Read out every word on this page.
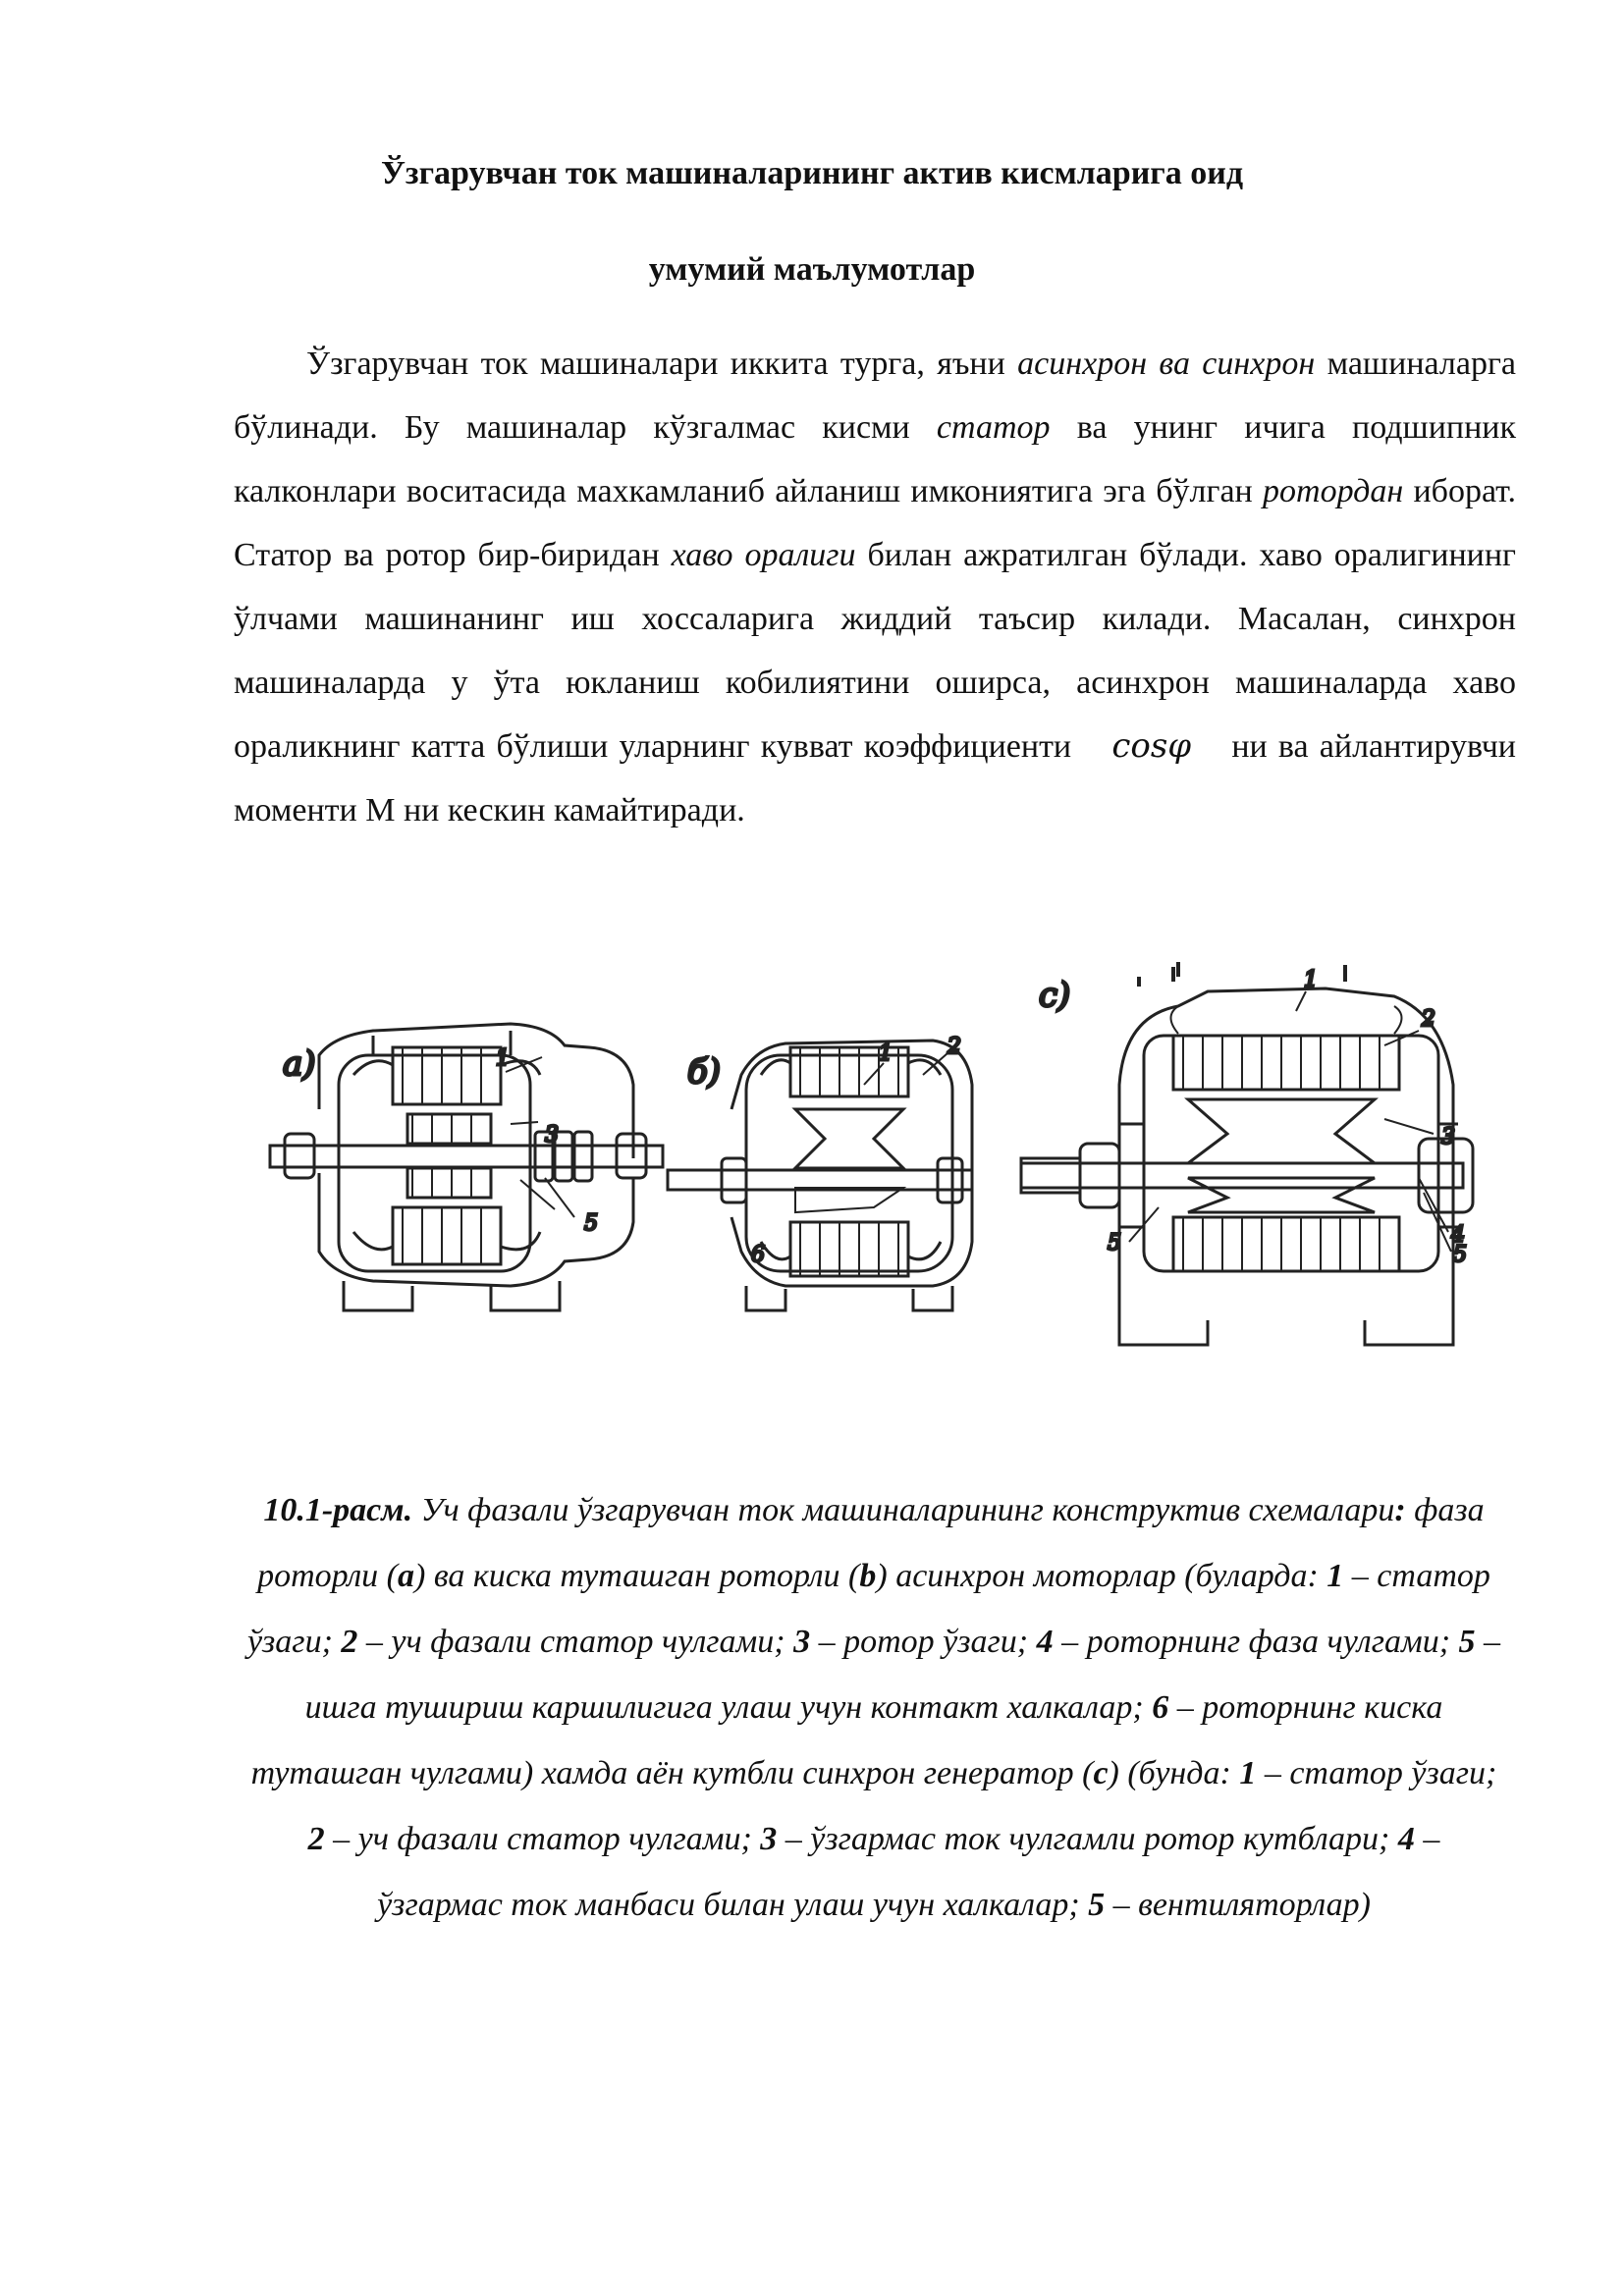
Ўзгарувчан ток машиналарининг актив кисмларига оид
умумий маълумотлар

Ўзгарувчан ток машиналари иккита турга, яъни асинхрон ва синхрон машиналарга бўлинади. Бу машиналар кўзгалмас кисми статор ва унинг ичига подшипник калконлари воситасида махкамланиб айланиш имкониятига эга бўлган ротордан иборат. Статор ва ротор бир-биридан хаво оралиги билан ажратилган бўлади. хаво оралигининг ўлчами машинанинг иш хоссаларига жиддий таъсир килади. Масалан, синхрон машиналарда у ўта юкланиш кобилиятини оширса, асинхрон машиналарда хаво ораликнинг катта бўлиши уларнинг кувват коэффициенти cosφ ни ва айлантирувчи моменти М ни кескин камайтиради.

а)	1
3
5
б)	1	2
6
с)	1
2
3
4
5
5
10.1-расм. Уч фазали ўзгарувчан ток машиналарининг конструктив схемалари: фаза роторли (a) ва киска туташган роторли (b) асинхрон моторлар (буларда: 1 – статор ўзаги; 2 – уч фазали статор чулгами; 3 – ротор ўзаги; 4 – роторнинг фаза чулгами; 5 – ишга тушириш каршилигига улаш учун контакт халкалар; 6 – роторнинг киска туташган чулгами) хамда аён кутбли синхрон генератор (c) (бунда: 1 – статор ўзаги; 2 – уч фазали статор чулгами; 3 – ўзгармас ток чулгамли ротор кутблари; 4 – ўзгармас ток манбаси билан улаш учун халкалар; 5 – вентиляторлар)
